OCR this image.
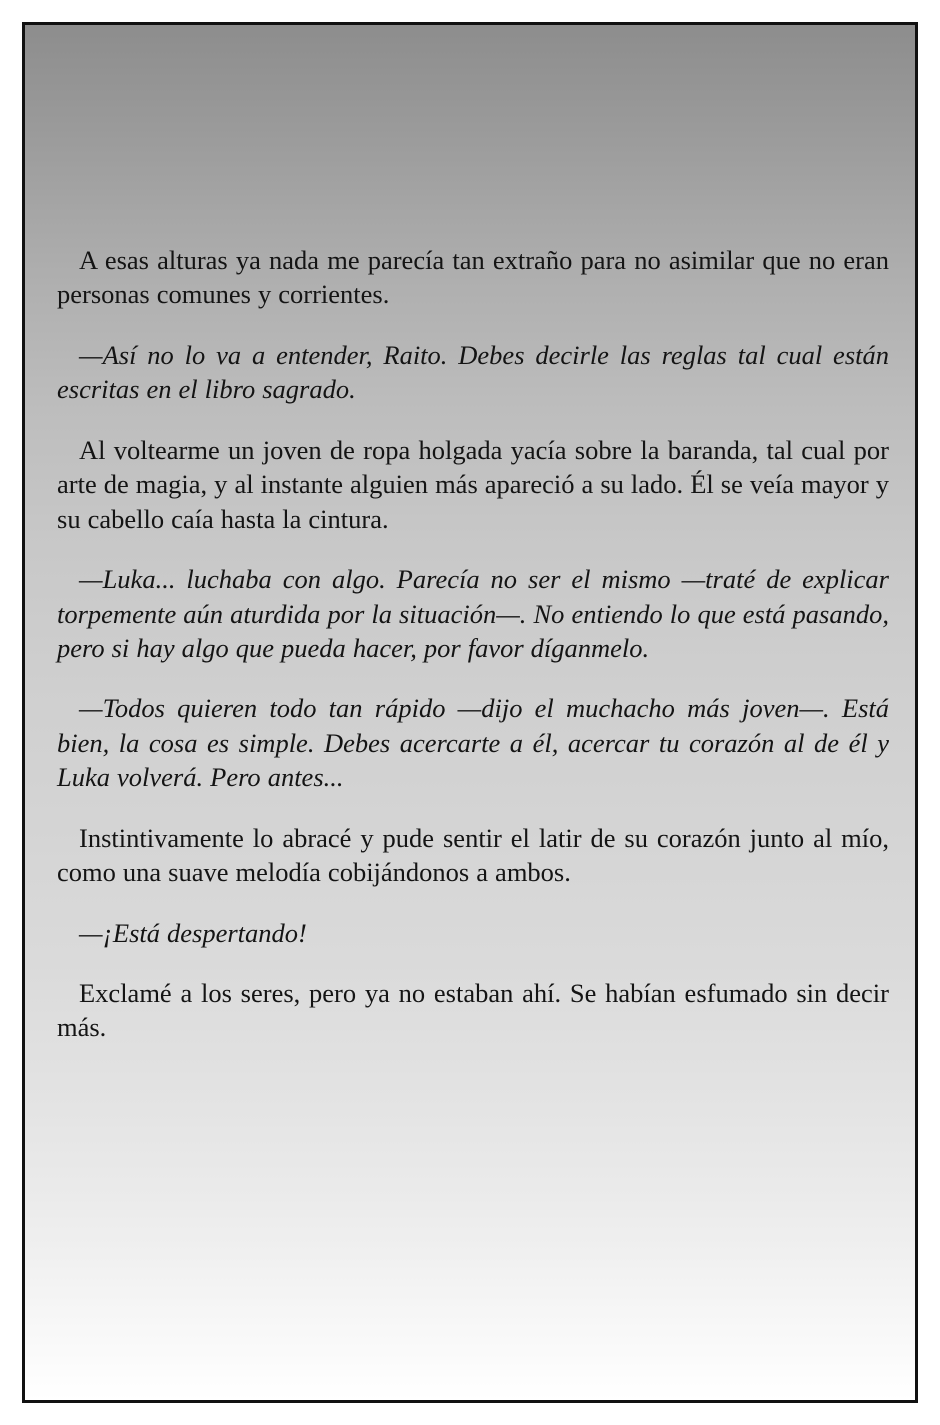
A esas alturas ya nada me parecía tan extraño para no asimilar que no eran personas comunes y corrientes.

—Así no lo va a entender, Raito. Debes decirle las reglas tal cual están escritas en el libro sagrado.

Al voltearme un joven de ropa holgada yacía sobre la baranda, tal cual por arte de magia, y al instante alguien más apareció a su lado. Él se veía mayor y su cabello caía hasta la cintura.

—Luka... luchaba con algo. Parecía no ser el mismo —traté de explicar torpemente aún aturdida por la situación—. No entiendo lo que está pasando, pero si hay algo que pueda hacer, por favor díganmelo.

—Todos quieren todo tan rápido —dijo el muchacho más joven—. Está bien, la cosa es simple. Debes acercarte a él, acercar tu corazón al de él y Luka volverá. Pero antes...

Instintivamente lo abracé y pude sentir el latir de su corazón junto al mío, como una suave melodía cobijándonos a ambos.

—¡Está despertando!

Exclamé a los seres, pero ya no estaban ahí. Se habían esfumado sin decir más.
